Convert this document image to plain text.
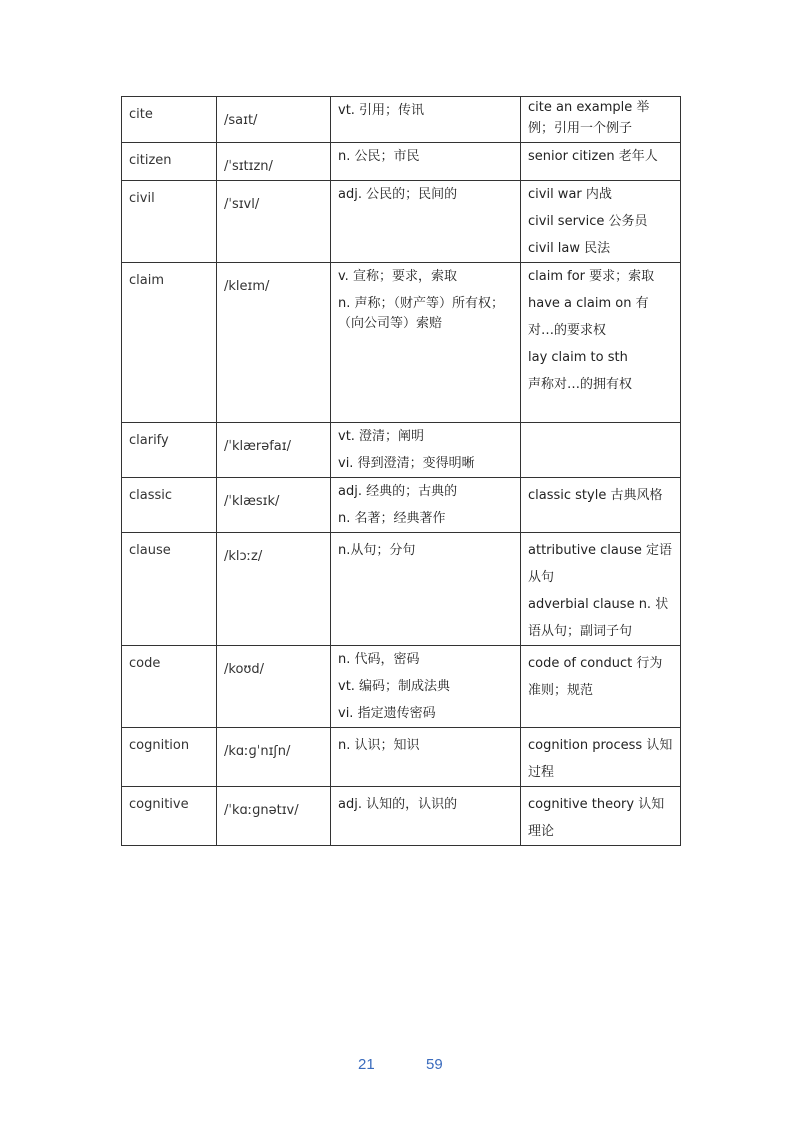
cite	/saɪt/	vt. 引用；传讯	cite an example 举例；引用一个例子

citizen	/ˈsɪtɪzn/	n. 公民；市民	senior citizen 老年人

civil	/ˈsɪvl/	adj. 公民的；民间的	civil war 内战
civil service 公务员
civil law 民法

claim	/kleɪm/	v. 宣称；要求，索取
n. 声称；（财产等）所有权；（向公司等）索赔	claim for 要求；索取
have a claim on 有对…的要求权
lay claim to sth
声称对…的拥有权

clarify	/ˈklærəfaɪ/	vt. 澄清；阐明
vi. 得到澄清；变得明晰	

classic	/ˈklæsɪk/	adj. 经典的；古典的
n. 名著；经典著作	classic style 古典风格

clause	/klɔːz/	n.从句；分句	attributive clause 定语从句
adverbial clause n. 状语从句；副词子句

code	/koʊd/	n. 代码，密码
vt. 编码；制成法典
vi. 指定遗传密码	code of conduct 行为准则；规范

cognition	/kɑːɡˈnɪʃn/	n. 认识；知识	cognition process 认知过程

cognitive	/ˈkɑːɡnətɪv/	adj. 认知的，认识的	cognitive theory 认知理论
21	59
